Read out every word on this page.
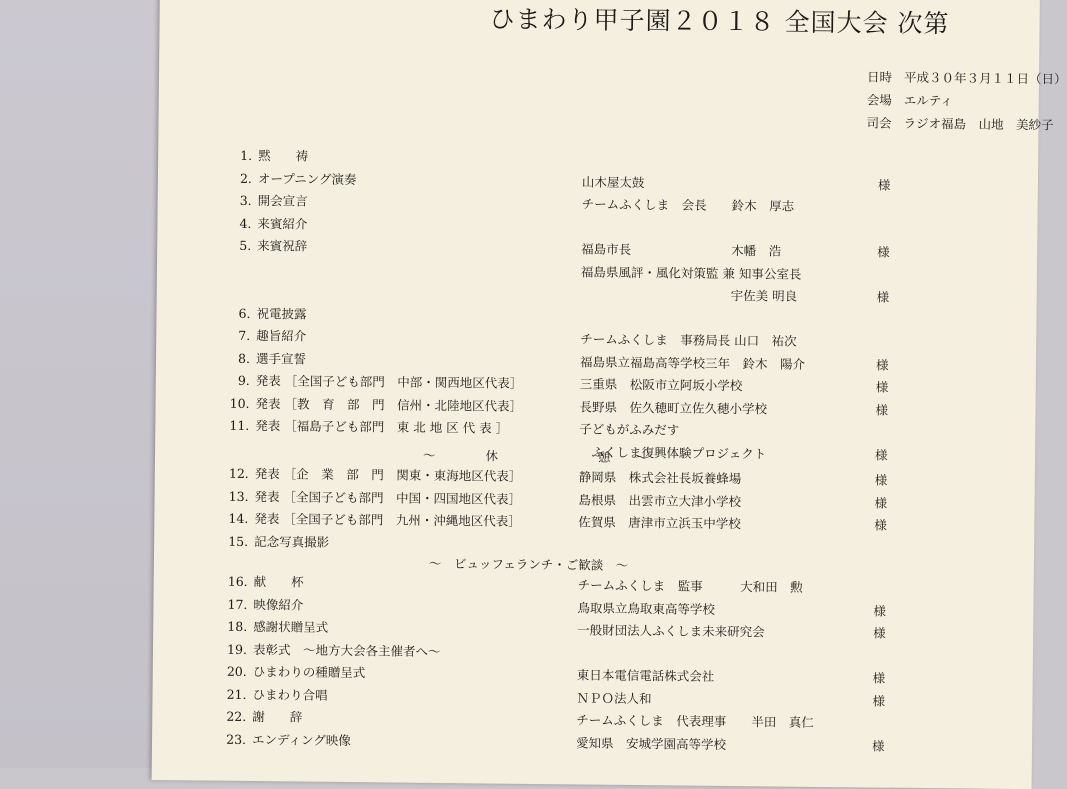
ひまわり甲子園２０１８ 全国大会 次第
日時 平成３０年３月１１日（日）
会場 エルティ
司会 ラジオ福島　山地　美紗子
1. 黙　　祷
2. オープニング演奏	山木屋太鼓	様
3. 開会宣言	チームふくしま　会長　　鈴木　厚志
4. 来賓紹介
5. 来賓祝辞	福島市長　　　　　　　　木幡　浩	様
福島県風評・風化対策監 兼 知事公室長
　　　　　　　　　　　　宇佐美 明良	様
6. 祝電披露
7. 趣旨紹介	チームふくしま　事務局長 山口　祐次
8. 選手宣誓	福島県立福島高等学校三年　鈴木　陽介	様
9. 発表 ［全国子ども部門　中部・関西地区代表］	三重県　松阪市立阿坂小学校	様
10. 発表 ［教　育　部　門　信州・北陸地区代表］	長野県　佐久穂町立佐久穂小学校	様
11. 発表 ［福島子ども部門　東 北 地 区 代 表 ］	子どもがふみだす
　ふくしま復興体験プロジェクト	様
12. 発表 ［企　業　部　門　関東・東海地区代表］	静岡県　株式会社長坂養蜂場	様
13. 発表 ［全国子ども部門　中国・四国地区代表］	島根県　出雲市立大津小学校	様
14. 発表 ［全国子ども部門　九州・沖縄地区代表］	佐賀県　唐津市立浜玉中学校	様
15. 記念写真撮影
16. 献　　杯	チームふくしま　監事　　　大和田　勲
17. 映像紹介	鳥取県立鳥取東高等学校	様
18. 感謝状贈呈式	一般財団法人ふくしま未来研究会	様
19. 表彰式　～地方大会各主催者へ～
20. ひまわりの種贈呈式	東日本電信電話株式会社	様
21. ひまわり合唱	ＮＰＯ法人和	様
22. 謝　　辞	チームふくしま　代表理事　　半田　真仁
23. エンディング映像	愛知県　安城学園高等学校	様
～　　　　休　　　　　　　　憩　　～
～　ビュッフェランチ・ご歓談　～
